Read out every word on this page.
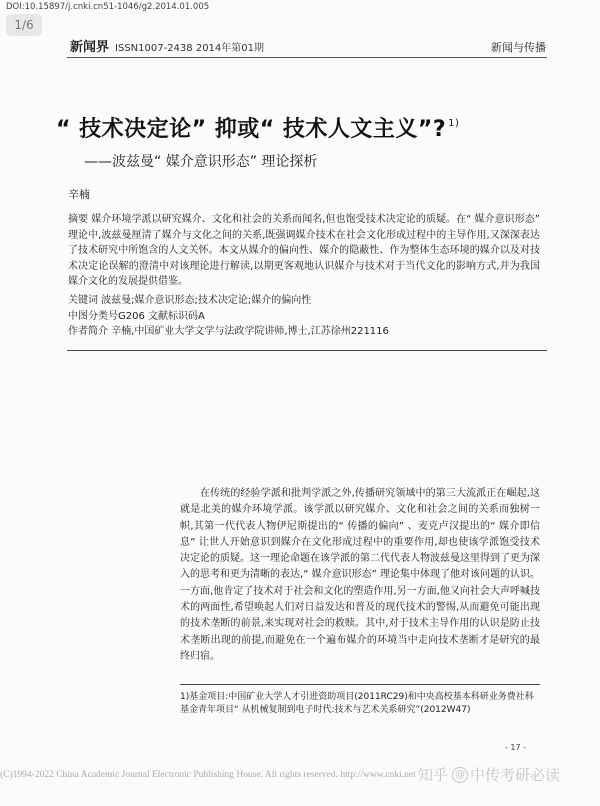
DOI:10.15897/j.cnki.cn51-1046/g2.2014.01.005
1/6
新闻界 ISSN1007-2438 2014年第01期	新闻与传播
“ 技术决定论” 抑或“ 技术人文主义”? $^{1)}$
——波兹曼“ 媒介意识形态” 理论探析
辛楠
摘要 媒介环境学派以研究媒介、文化和社会的关系而闻名,但也饱受技术决定论的质疑。在“ 媒介意识形态” 理论中,波兹曼厘清了媒介与文化之间的关系,既强调媒介技术在社会文化形成过程中的主导作用,又深深表达了技术研究中所饱含的人文关怀。本文从媒介的偏向性、媒介的隐蔽性、作为整体生态环境的媒介以及对技术决定论误解的澄清中对该理论进行解读,以期更客观地认识媒介与技术对于当代文化的影响方式,并为我国媒介文化的发展提供借鉴。
关键词 波兹曼;媒介意识形态;技术决定论;媒介的偏向性
中图分类号G206 文献标识码A
作者简介 辛楠,中国矿业大学文学与法政学院讲师,博士,江苏徐州221116
在传统的经验学派和批判学派之外,传播研究领域中的第三大流派正在崛起,这就是北美的媒介环境学派。该学派以研究媒介、文化和社会之间的关系而独树一帜,其第一代代表人物伊尼斯提出的“ 传播的偏向” 、麦克卢汉提出的“ 媒介即信息” 让世人开始意识到媒介在文化形成过程中的重要作用,却也使该学派饱受技术决定论的质疑。这一理论命题在该学派的第二代代表人物波兹曼这里得到了更为深入的思考和更为清晰的表达,“ 媒介意识形态” 理论集中体现了他对该问题的认识。一方面,他肯定了技术对于社会和文化的塑造作用,另一方面,他又向社会大声呼喊技术的两面性,希望唤起人们对日益发达和普及的现代技术的警惕,从而避免可能出现的技术垄断的前景,来实现对社会的救赎。其中,对于技术主导作用的认识是防止技术垄断出现的前提,而避免在一个遍布媒介的环境当中走向技术垄断才是研究的最终归宿。
1)基金项目:中国矿业大学人才引进资助项目(2011RC29)和中央高校基本科研业务费社科基金青年项目“ 从机械复制到电子时代:技术与艺术关系研究”(2012W47)
- 17 -
(C)1994-2022 China Academic Journal Electronic Publishing House. All rights reserved. http://www.cnki.net 知乎 @ 中传考研必读
